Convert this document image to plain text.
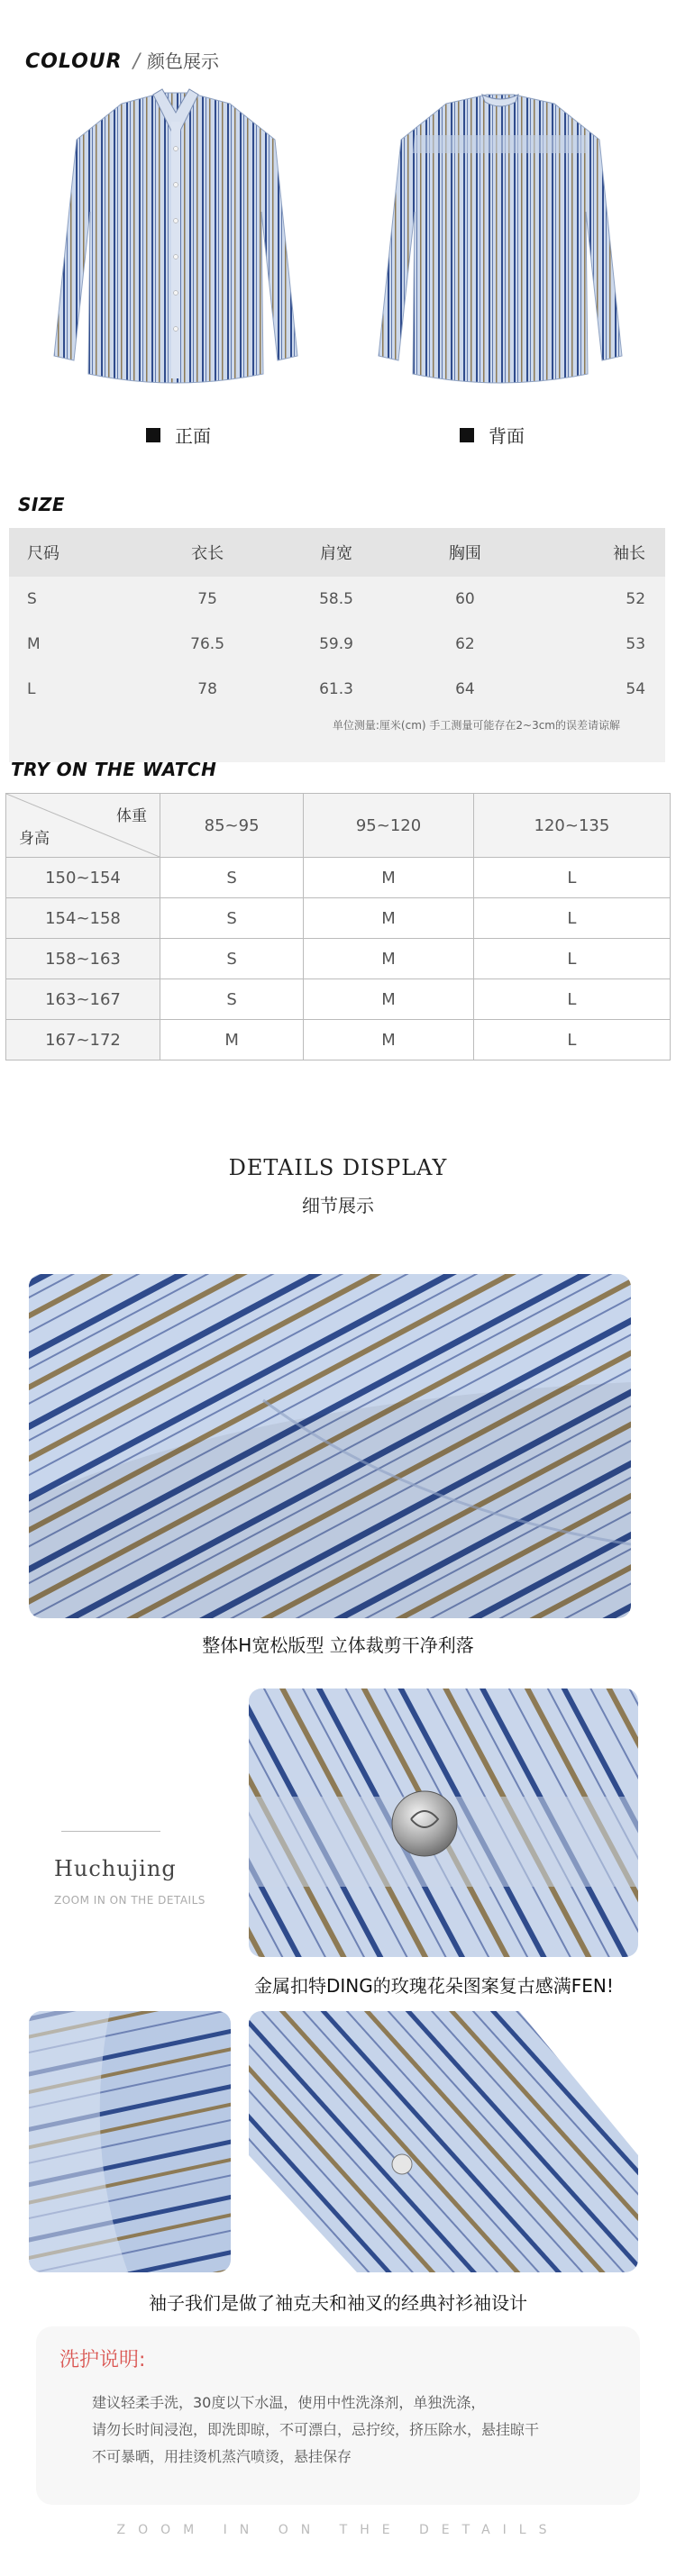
COLOUR / 颜色展示
正面	背面
SIZE
尺码	衣长	肩宽	胸围	袖长
S	75	58.5	60	52
M	76.5	59.9	62	53
L	78	61.3	64	54
单位测量:厘米(cm) 手工测量可能存在2~3cm的误差请谅解
TRY ON THE WATCH
体重
身高	85~95	95~120	120~135
150~154	S	M	L
154~158	S	M	L
158~163	S	M	L
163~167	S	M	L
167~172	M	M	L
DETAILS DISPLAY
细节展示
整体H宽松版型 立体裁剪干净利落
Huchujing
ZOOM IN ON THE DETAILS
金属扣特DING的玫瑰花朵图案复古感满FEN!
袖子我们是做了袖克夫和袖叉的经典衬衫袖设计
洗护说明:
建议轻柔手洗，30度以下水温，使用中性洗涤剂，单独洗涤，
请勿长时间浸泡，即洗即晾，不可漂白，忌拧绞，挤压除水，悬挂晾干
不可暴晒，用挂烫机蒸汽喷烫，悬挂保存
ZOOM IN ON THE DETAILS
